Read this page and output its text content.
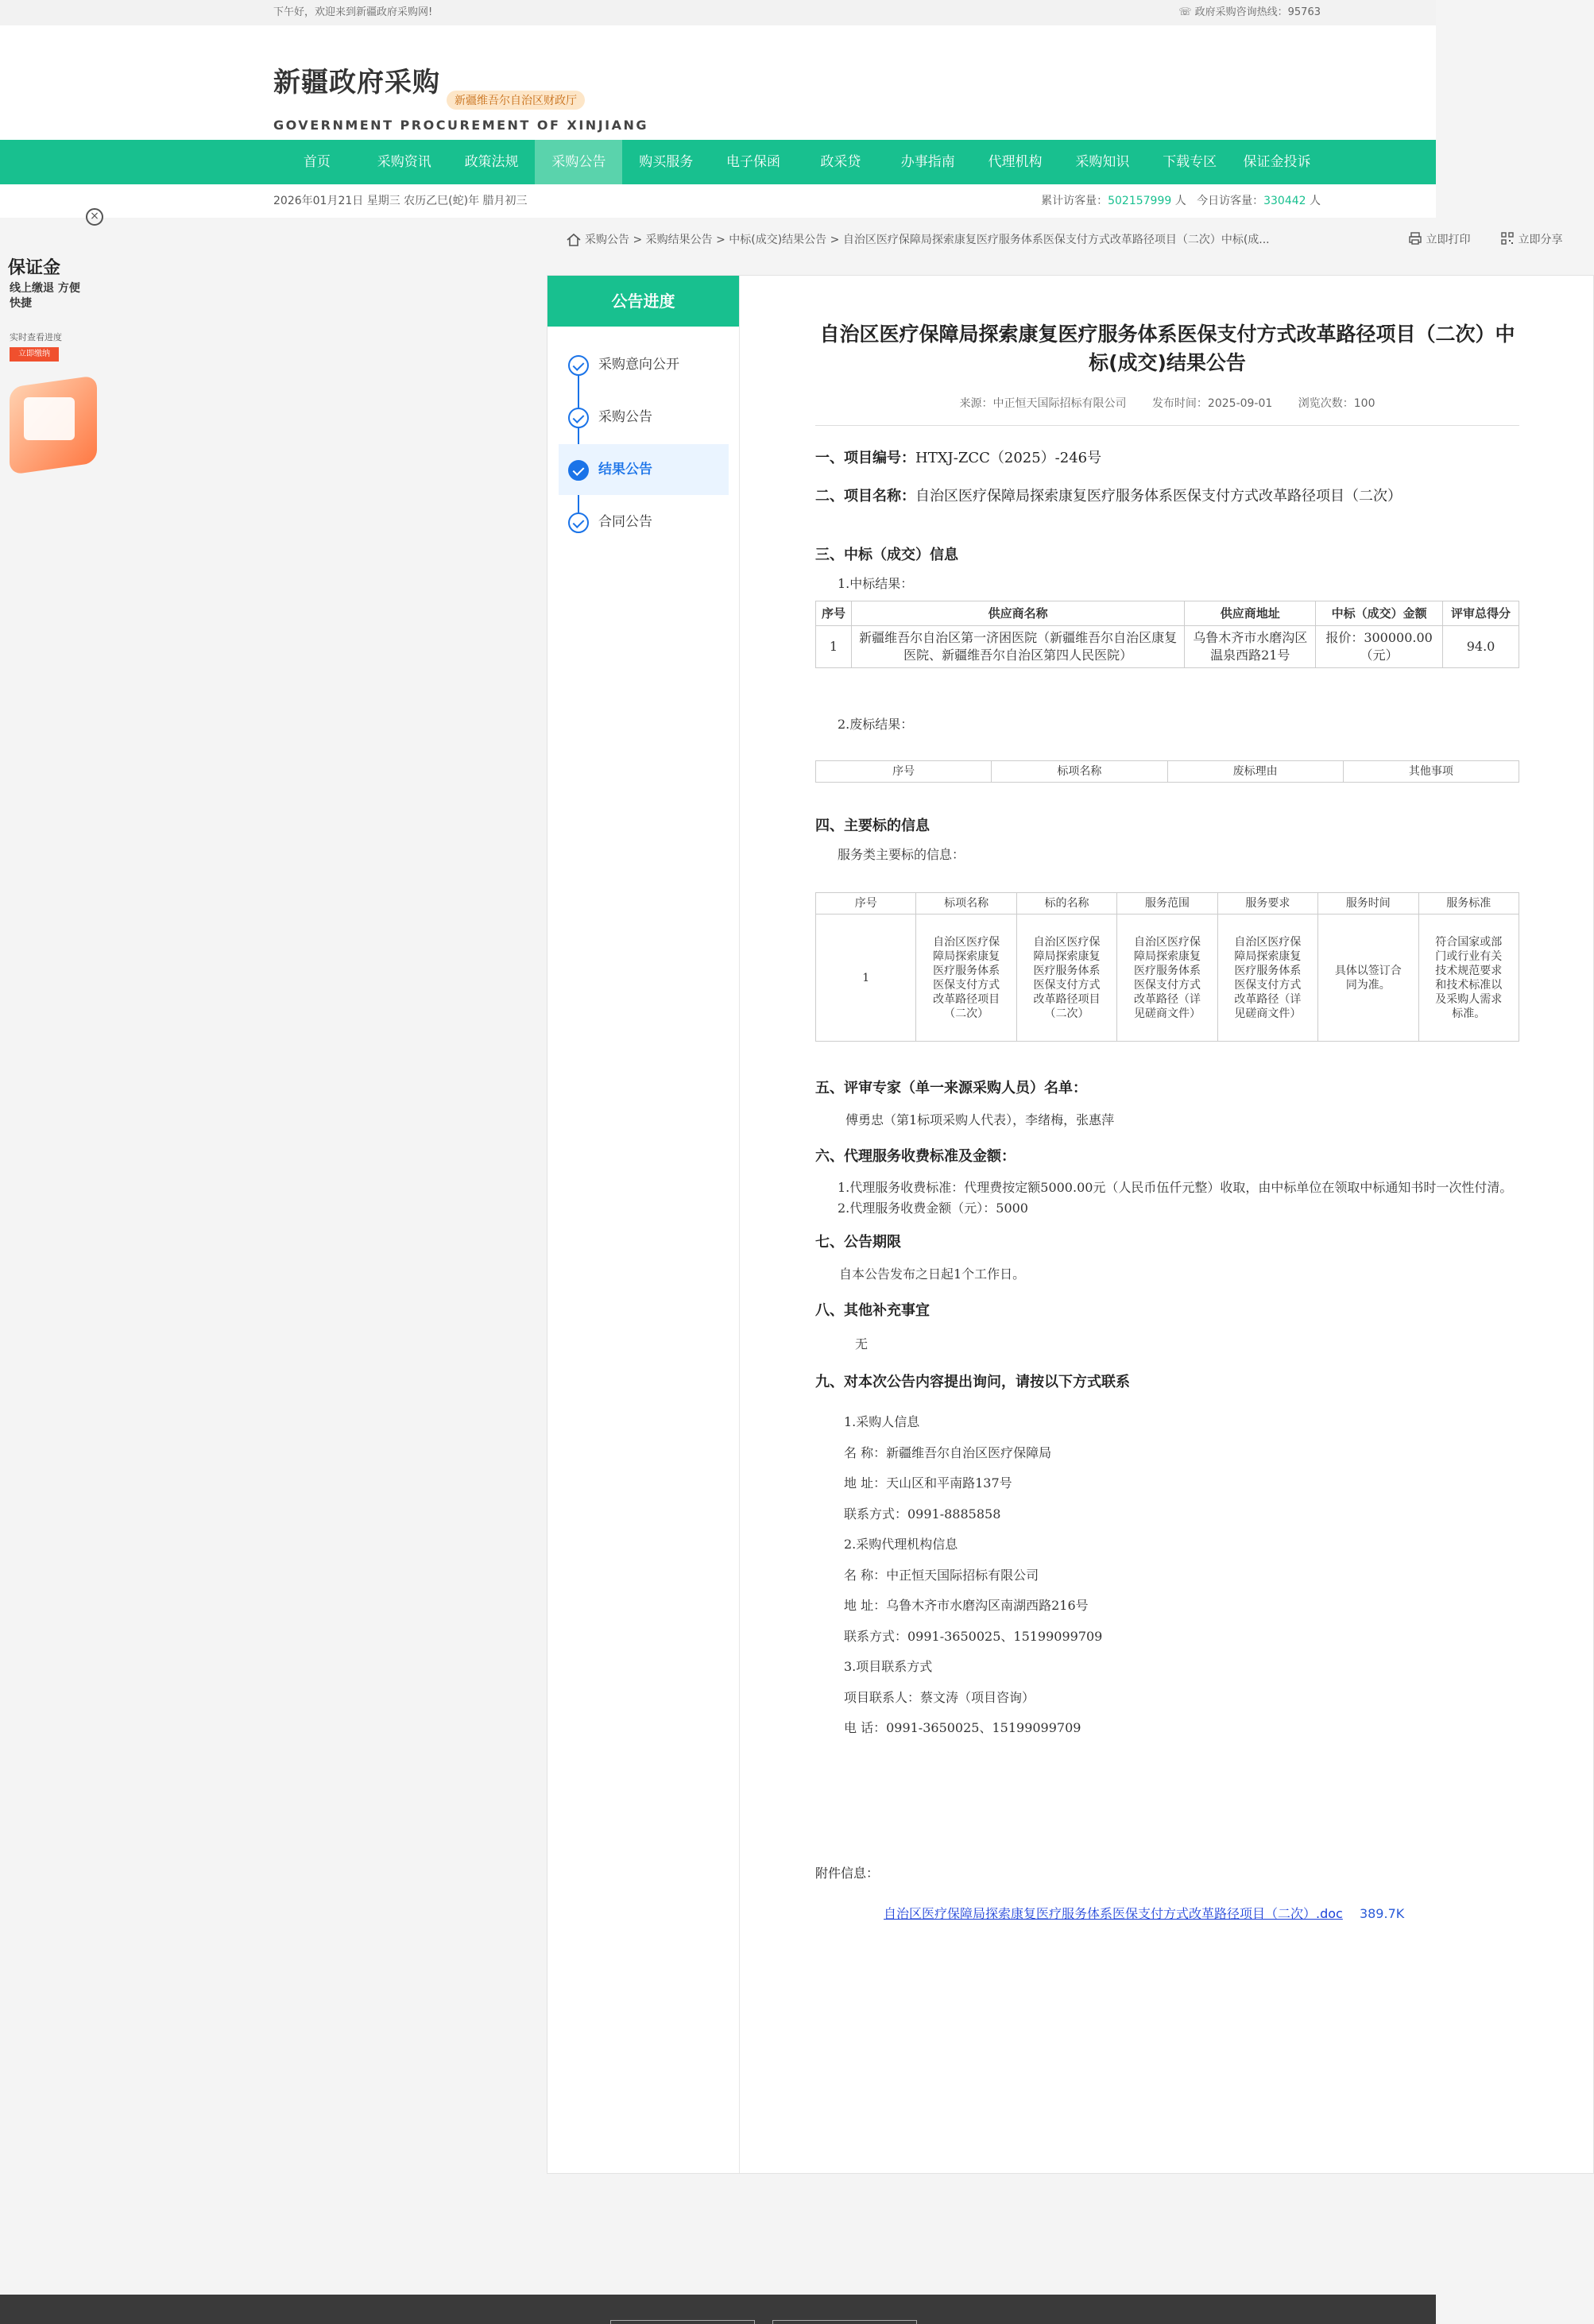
下午好，欢迎来到新疆政府采购网!	☏ 政府采购咨询热线：95763
新疆政府采购
新疆维吾尔自治区财政厅
GOVERNMENT PROCUREMENT OF XINJIANG
首页	采购资讯	政策法规	采购公告	购买服务	电子保函	政采贷	办事指南	代理机构	采购知识	下载专区	保证金投诉
2026年01月21日 星期三 农历乙巳(蛇)年 腊月初三	累计访客量：502157999 人 今日访客量：330442 人
×
保证金
线上缴退 方便快捷
实时查看进度
立即缴纳
采购公告 > 采购结果公告 > 中标(成交)结果公告 > 自治区医疗保障局探索康复医疗服务体系医保支付方式改革路径项目（二次）中标(成...	立即打印	立即分享
公告进度
采购意向公开
采购公告
结果公告
合同公告
自治区医疗保障局探索康复医疗服务体系医保支付方式改革路径项目（二次）中标(成交)结果公告
来源：中正恒天国际招标有限公司 发布时间：2025-09-01 浏览次数：100
一、项目编号：HTXJ-ZCC（2025）-246号
二、项目名称：自治区医疗保障局探索康复医疗服务体系医保支付方式改革路径项目（二次）
三、中标（成交）信息
1.中标结果：
序号	供应商名称	供应商地址	中标（成交）金额	评审总得分
1	新疆维吾尔自治区第一济困医院（新疆维吾尔自治区康复医院、新疆维吾尔自治区第四人民医院）	乌鲁木齐市水磨沟区温泉西路21号	报价：300000.00（元）	94.0
2.废标结果：
序号	标项名称	废标理由	其他事项
四、主要标的信息
服务类主要标的信息：
序号	标项名称	标的名称	服务范围	服务要求	服务时间	服务标准
1	自治区医疗保障局探索康复医疗服务体系医保支付方式改革路径项目（二次）	自治区医疗保障局探索康复医疗服务体系医保支付方式改革路径项目（二次）	自治区医疗保障局探索康复医疗服务体系医保支付方式改革路径（详见磋商文件）	自治区医疗保障局探索康复医疗服务体系医保支付方式改革路径（详见磋商文件）	具体以签订合同为准。	符合国家或部门或行业有关技术规范要求和技术标准以及采购人需求标准。
五、评审专家（单一来源采购人员）名单：
傅勇忠（第1标项采购人代表），李绪梅，张惠萍
六、代理服务收费标准及金额：
1.代理服务收费标准：代理费按定额5000.00元（人民币伍仟元整）收取，由中标单位在领取中标通知书时一次性付清。
2.代理服务收费金额（元）：5000
七、公告期限
自本公告发布之日起1个工作日。
八、其他补充事宜
无
九、对本次公告内容提出询问，请按以下方式联系
1.采购人信息
名 称：新疆维吾尔自治区医疗保障局
地 址：天山区和平南路137号
联系方式：0991-8885858
2.采购代理机构信息
名 称：中正恒天国际招标有限公司
地 址：乌鲁木齐市水磨沟区南湖西路216号
联系方式：0991-3650025、15199099709
3.项目联系方式
项目联系人：蔡文涛（项目咨询）
电 话：0991-3650025、15199099709
附件信息：
自治区医疗保障局探索康复医疗服务体系医保支付方式改革路径项目（二次）.doc 389.7K
